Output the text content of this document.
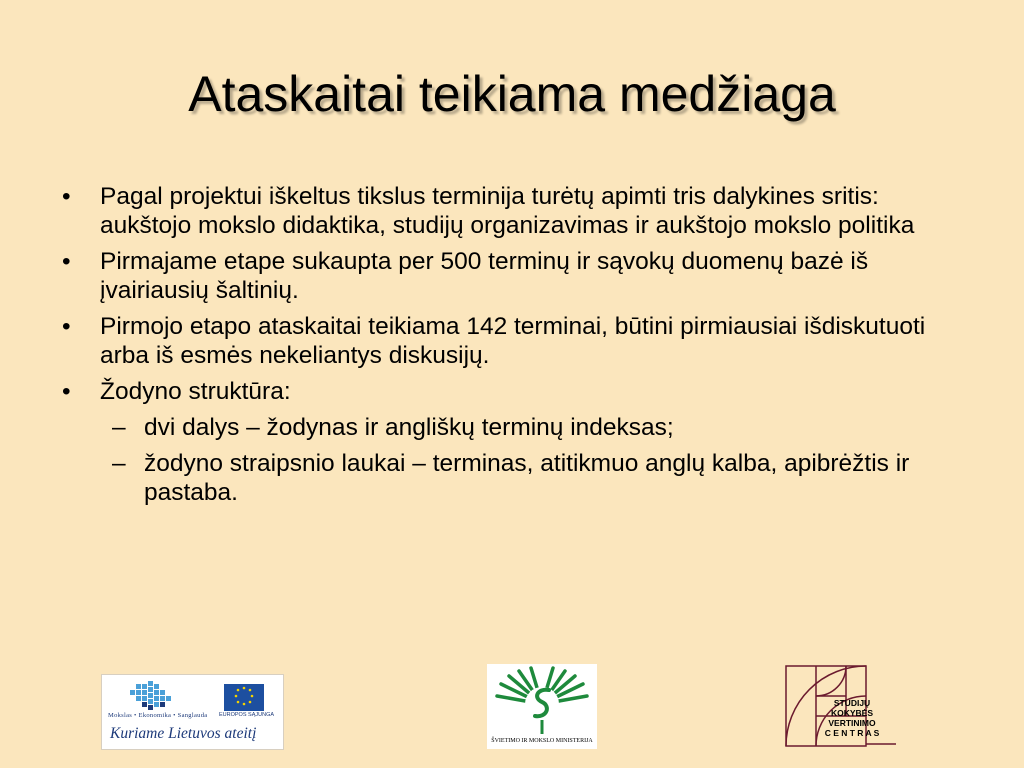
Ataskaitai teikiama medžiaga
• Pagal projektui iškeltus tikslus terminija turėtų apimti tris dalykines sritis: aukštojo mokslo didaktika, studijų organizavimas ir aukštojo mokslo politika
• Pirmajame etape sukaupta per 500 terminų ir sąvokų duomenų bazė iš įvairiausių šaltinių.
• Pirmojo etapo ataskaitai teikiama 142 terminai, būtini pirmiausiai išdiskutuoti arba iš esmės nekeliantys diskusijų.
• Žodyno struktūra:
– dvi dalys – žodynas ir angliškų terminų indeksas;
– žodyno straipsnio laukai – terminas, atitikmuo anglų kalba, apibrėžtis ir pastaba.
Mokslas • Ekonomika • Sanglauda EUROPOS SĄJUNGA
Kuriame Lietuvos ateitį	ŠVIETIMO IR MOKSLO MINISTERIJA
STUDIJŲ
KOKYBĖS
VERTINIMO
C E N T R A S
